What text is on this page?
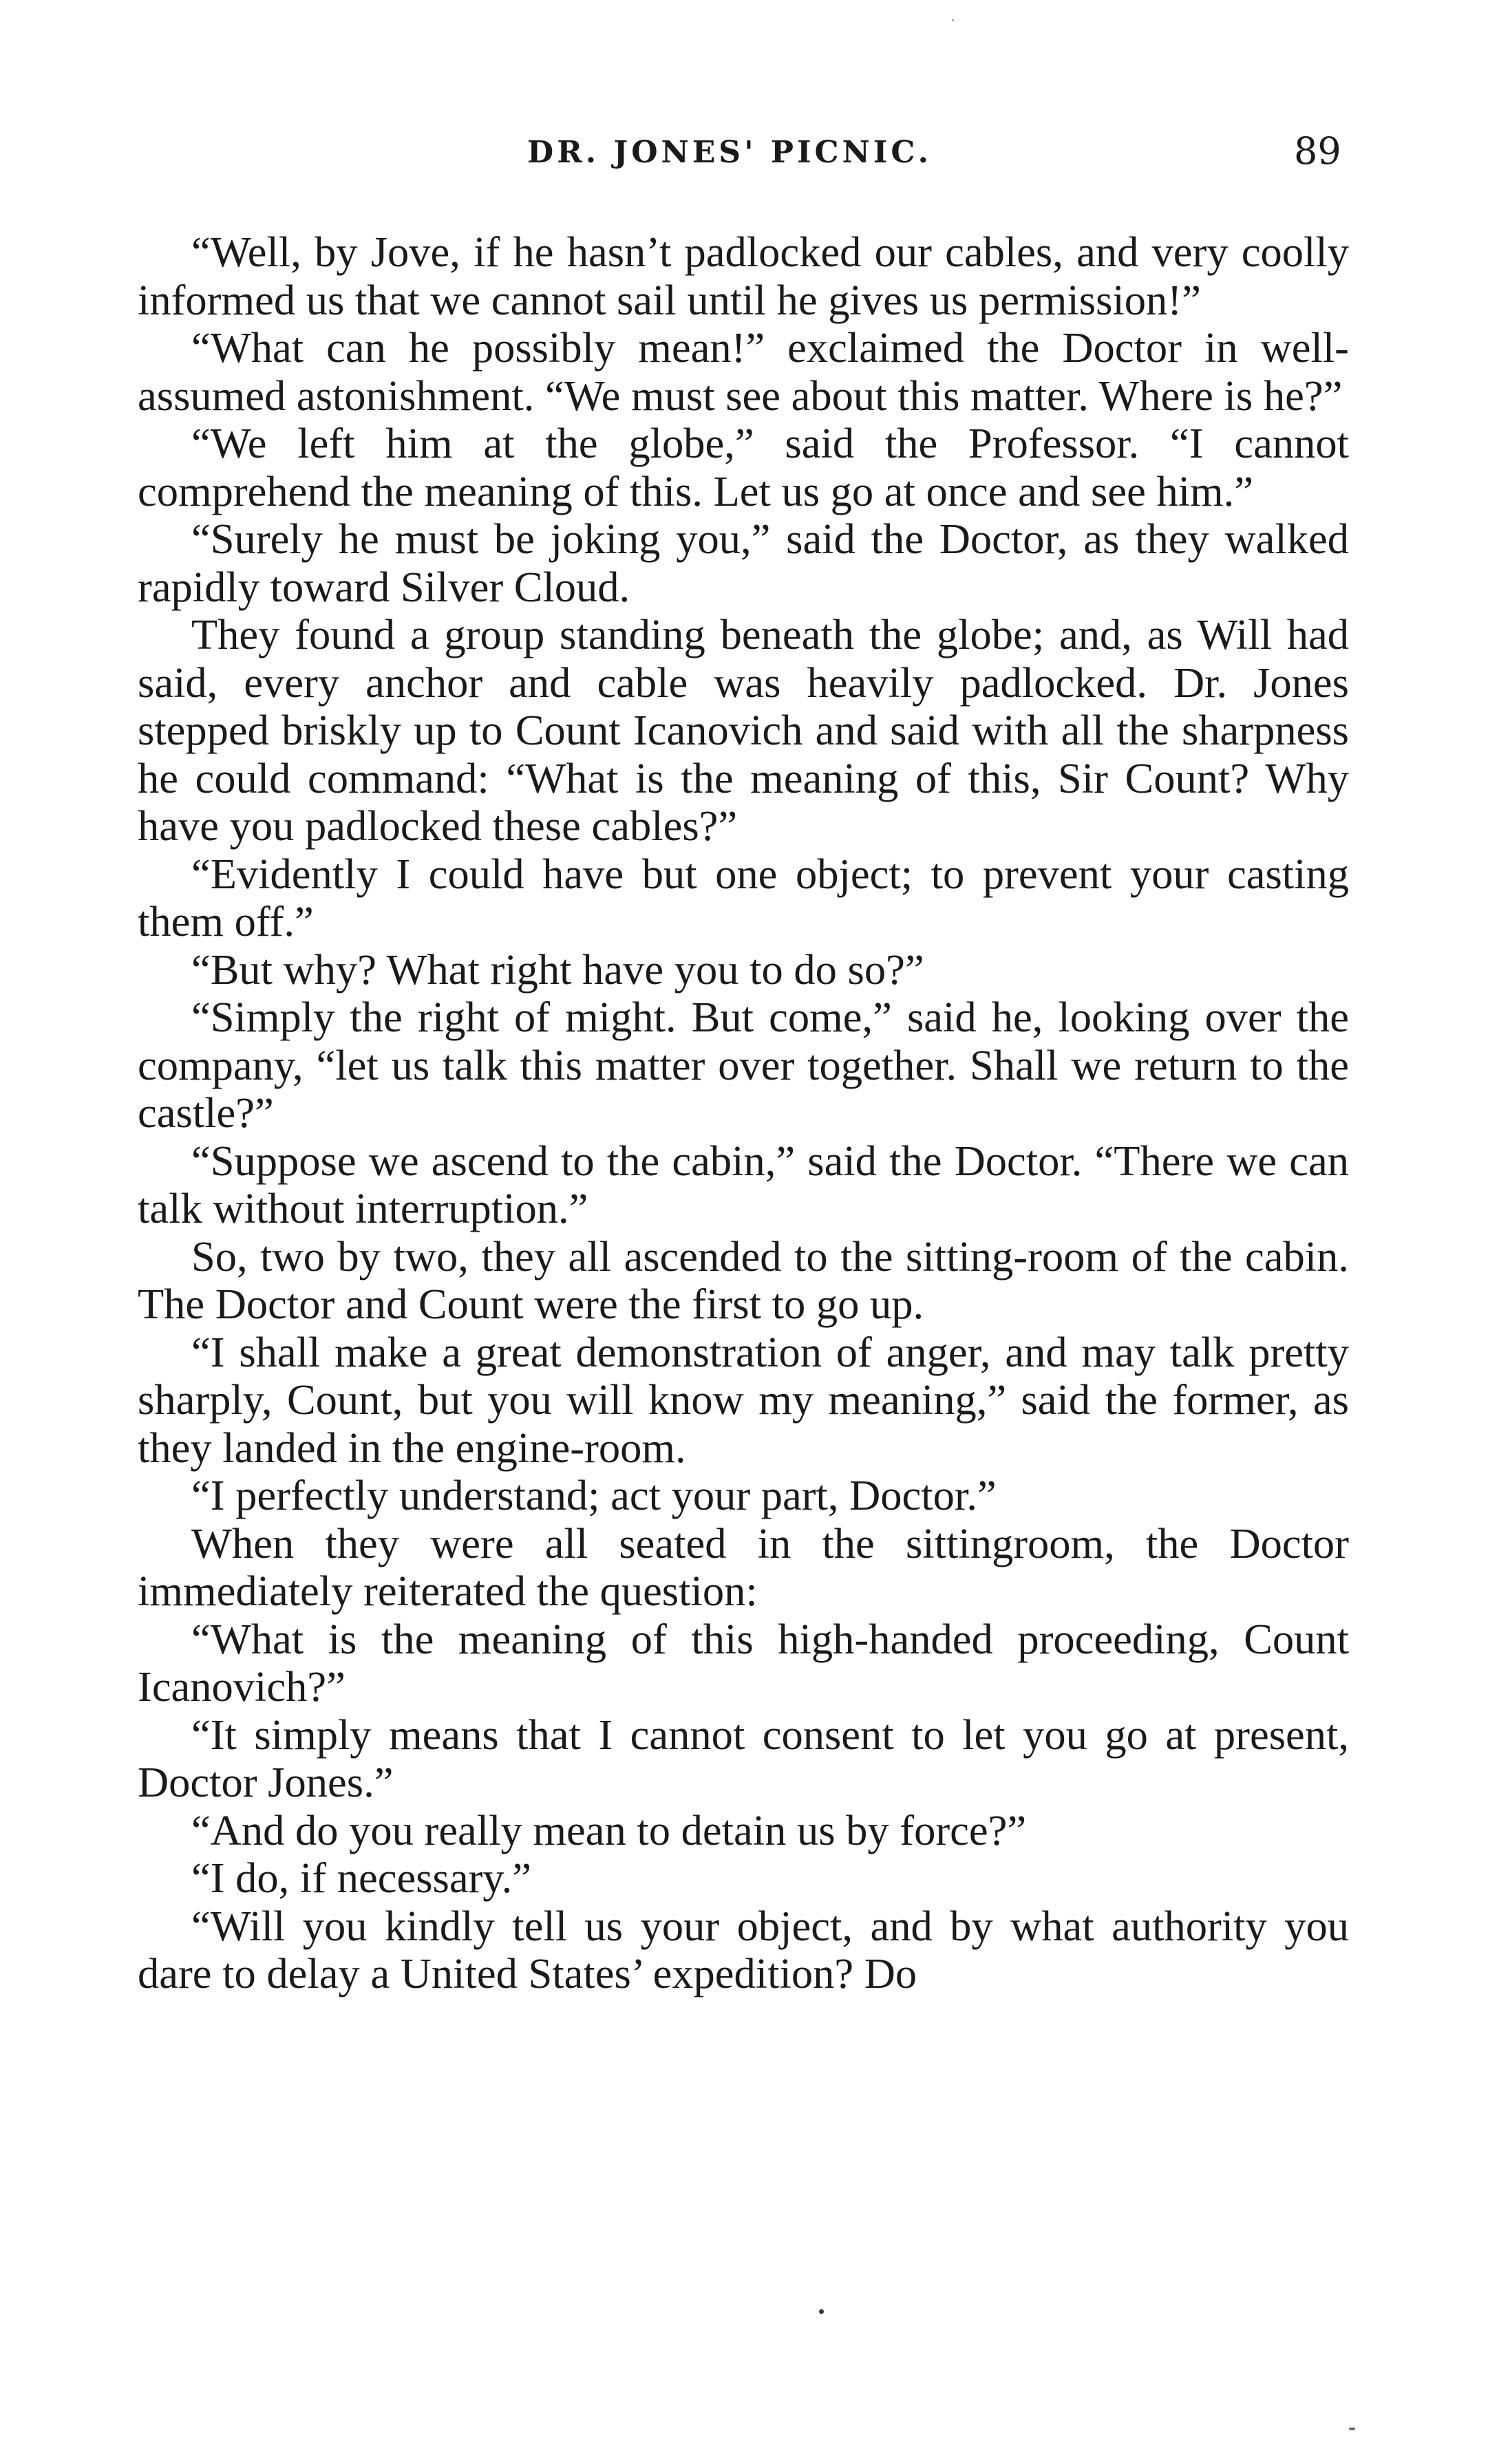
DR. JONES' PICNIC.	89

“Well, by Jove, if he hasn’t padlocked our cables, and very coolly informed us that we cannot sail until he gives us permission!”

“What can he possibly mean!” exclaimed the Doctor in well-assumed astonishment. “We must see about this matter. Where is he?”

“We left him at the globe,” said the Professor. “I cannot comprehend the meaning of this. Let us go at once and see him.”

“Surely he must be joking you,” said the Doctor, as they walked rapidly toward Silver Cloud.

They found a group standing beneath the globe; and, as Will had said, every anchor and cable was heavily padlocked. Dr. Jones stepped briskly up to Count Icanovich and said with all the sharpness he could command: “What is the meaning of this, Sir Count? Why have you padlocked these cables?”

“Evidently I could have but one object; to prevent your casting them off.”

“But why? What right have you to do so?”

“Simply the right of might. But come,” said he, looking over the company, “let us talk this matter over together. Shall we return to the castle?”

“Suppose we ascend to the cabin,” said the Doctor. “There we can talk without interruption.”

So, two by two, they all ascended to the sitting-room of the cabin. The Doctor and Count were the first to go up.

“I shall make a great demonstration of anger, and may talk pretty sharply, Count, but you will know my meaning,” said the former, as they landed in the engine-room.

“I perfectly understand; act your part, Doctor.”

When they were all seated in the sittingroom, the Doctor immediately reiterated the question:

“What is the meaning of this high-handed proceeding, Count Icanovich?”

“It simply means that I cannot consent to let you go at present, Doctor Jones.”

“And do you really mean to detain us by force?”

“I do, if necessary.”

“Will you kindly tell us your object, and by what authority you dare to delay a United States’ expedition? Do
